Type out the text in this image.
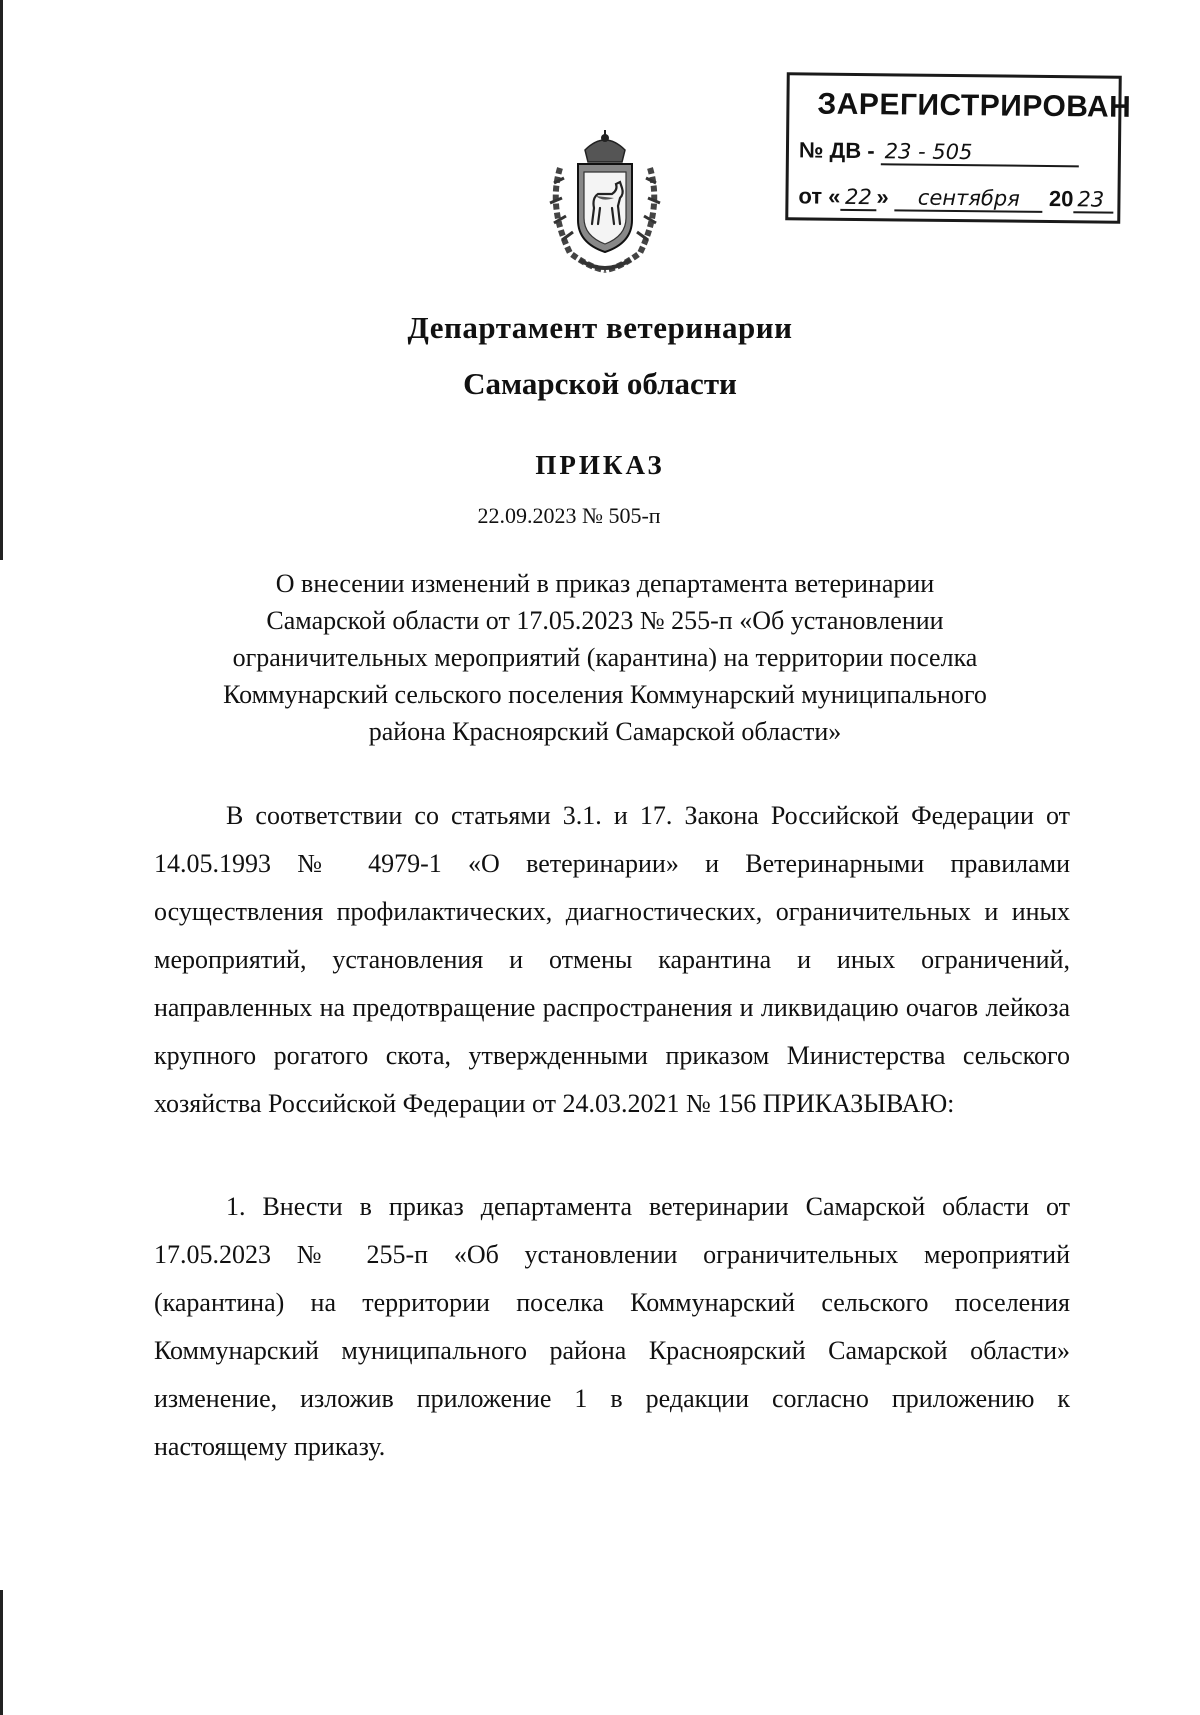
ЗАРЕГИСТРИРОВАН
№ ДВ - 23 - 505
от « 22 » сентября 20 23
Департамент ветеринарии
Самарской области
ПРИКАЗ
22.09.2023 № 505-п
О внесении изменений в приказ департамента ветеринарии
Самарской области от 17.05.2023 № 255-п «Об установлении
ограничительных мероприятий (карантина) на территории поселка
Коммунарский сельского поселения Коммунарский муниципального
района Красноярский Самарской области»

В соответствии со статьями 3.1. и 17. Закона Российской Федерации от 14.05.1993 № 4979-1 «О ветеринарии» и Ветеринарными правилами осуществления профилактических, диагностических, ограничительных и иных мероприятий, установления и отмены карантина и иных ограничений, направленных на предотвращение распространения и ликвидацию очагов лейкоза крупного рогатого скота, утвержденными приказом Министерства сельского хозяйства Российской Федерации от 24.03.2021 № 156 ПРИКАЗЫВАЮ:

1. Внести в приказ департамента ветеринарии Самарской области от 17.05.2023 № 255-п «Об установлении ограничительных мероприятий (карантина) на территории поселка Коммунарский сельского поселения Коммунарский муниципального района Красноярский Самарской области» изменение, изложив приложение 1 в редакции согласно приложению к настоящему приказу.
